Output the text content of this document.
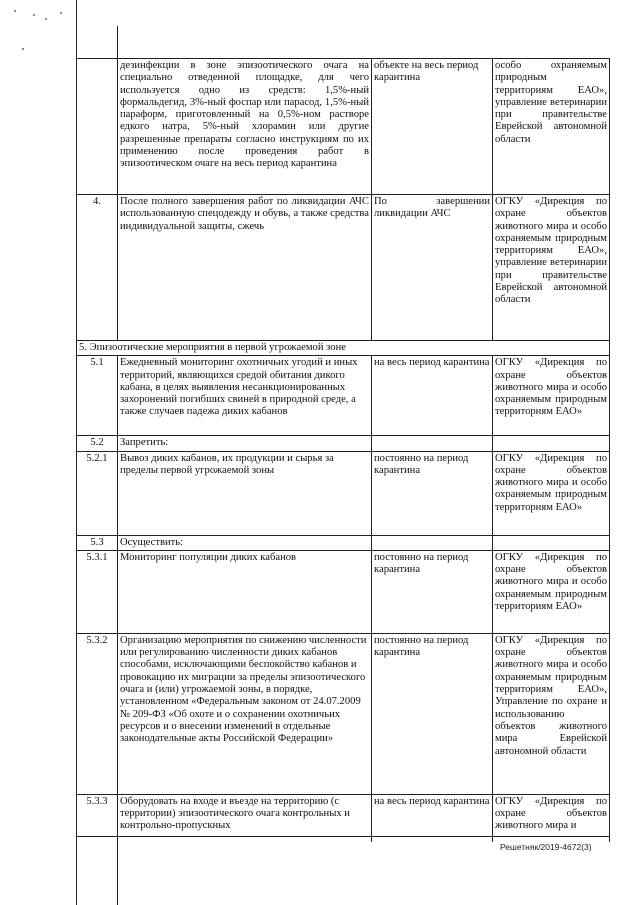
	дезинфекции в зоне эпизоотического очага на специально отведенной площадке, для чего используется одно из средств: 1,5%-ный формальдегид, 3%-ный фоспар или парасод, 1,5%-ный параформ, приготовленный на 0,5%-ном растворе едкого натра, 5%-ный хлорамин или другие разрешенные препараты согласно инструкциям по их применению после проведения работ в эпизоотическом очаге на весь период карантина	объекте на весь период карантина	особо охраняемым природным территориям ЕАО», управление ветеринарии при правительстве Еврейской автономной области
4.	После полного завершения работ по ликвидации АЧС использованную спецодежду и обувь, а также средства индивидуальной защиты, сжечь	По завершении ликвидации АЧС	ОГКУ «Дирекция по охране объектов животного мира и особо охраняемым природным территориям ЕАО», управление ветеринарии при правительстве Еврейской автономной области
5. Эпизоотические мероприятия в первой угрожаемой зоне			
5.1	Ежедневный мониторинг охотничьих угодий и иных территорий, являющихся средой обитания дикого кабана, в целях выявления несанкционированных захоронений погибших свиней в природной среде, а также случаев падежа диких кабанов	на весь период карантина	ОГКУ «Дирекция по охране объектов животного мира и особо охраняемым природным территориям ЕАО»
5.2	Запретить:		
5.2.1	Вывоз диких кабанов, их продукции и сырья за пределы первой угрожаемой зоны	постоянно на период карантина	ОГКУ «Дирекция по охране объектов животного мира и особо охраняемым природным территориям ЕАО»
5.3	Осуществить:		
5.3.1	Мониторинг популяции диких кабанов	постоянно на период карантина	ОГКУ «Дирекция по охране объектов животного мира и особо охраняемым природным территориям ЕАО»
5.3.2	Организацию мероприятия по снижению численности или регулированию численности диких кабанов способами, исключающими беспокойство кабанов и провокацию их миграции за пределы эпизоотического очага и (или) угрожаемой зоны, в порядке, установленном «Федеральным законом от 24.07.2009 № 209-ФЗ «Об охоте и о сохранении охотничьих ресурсов и о внесении изменений в отдельные законодательные акты Российской Федерации»	постоянно на период карантина	ОГКУ «Дирекция по охране объектов животного мира и особо охраняемым природным территориям ЕАО», Управление по охране и использованию объектов животного мира Еврейской автономной области
5.3.3	Оборудовать на входе и въезде на территорию (с территории) эпизоотического очага контрольных и контрольно-пропускных	на весь период карантина	ОГКУ «Дирекция по охране объектов животного мира и
Решетняк/2019-4672(3)
